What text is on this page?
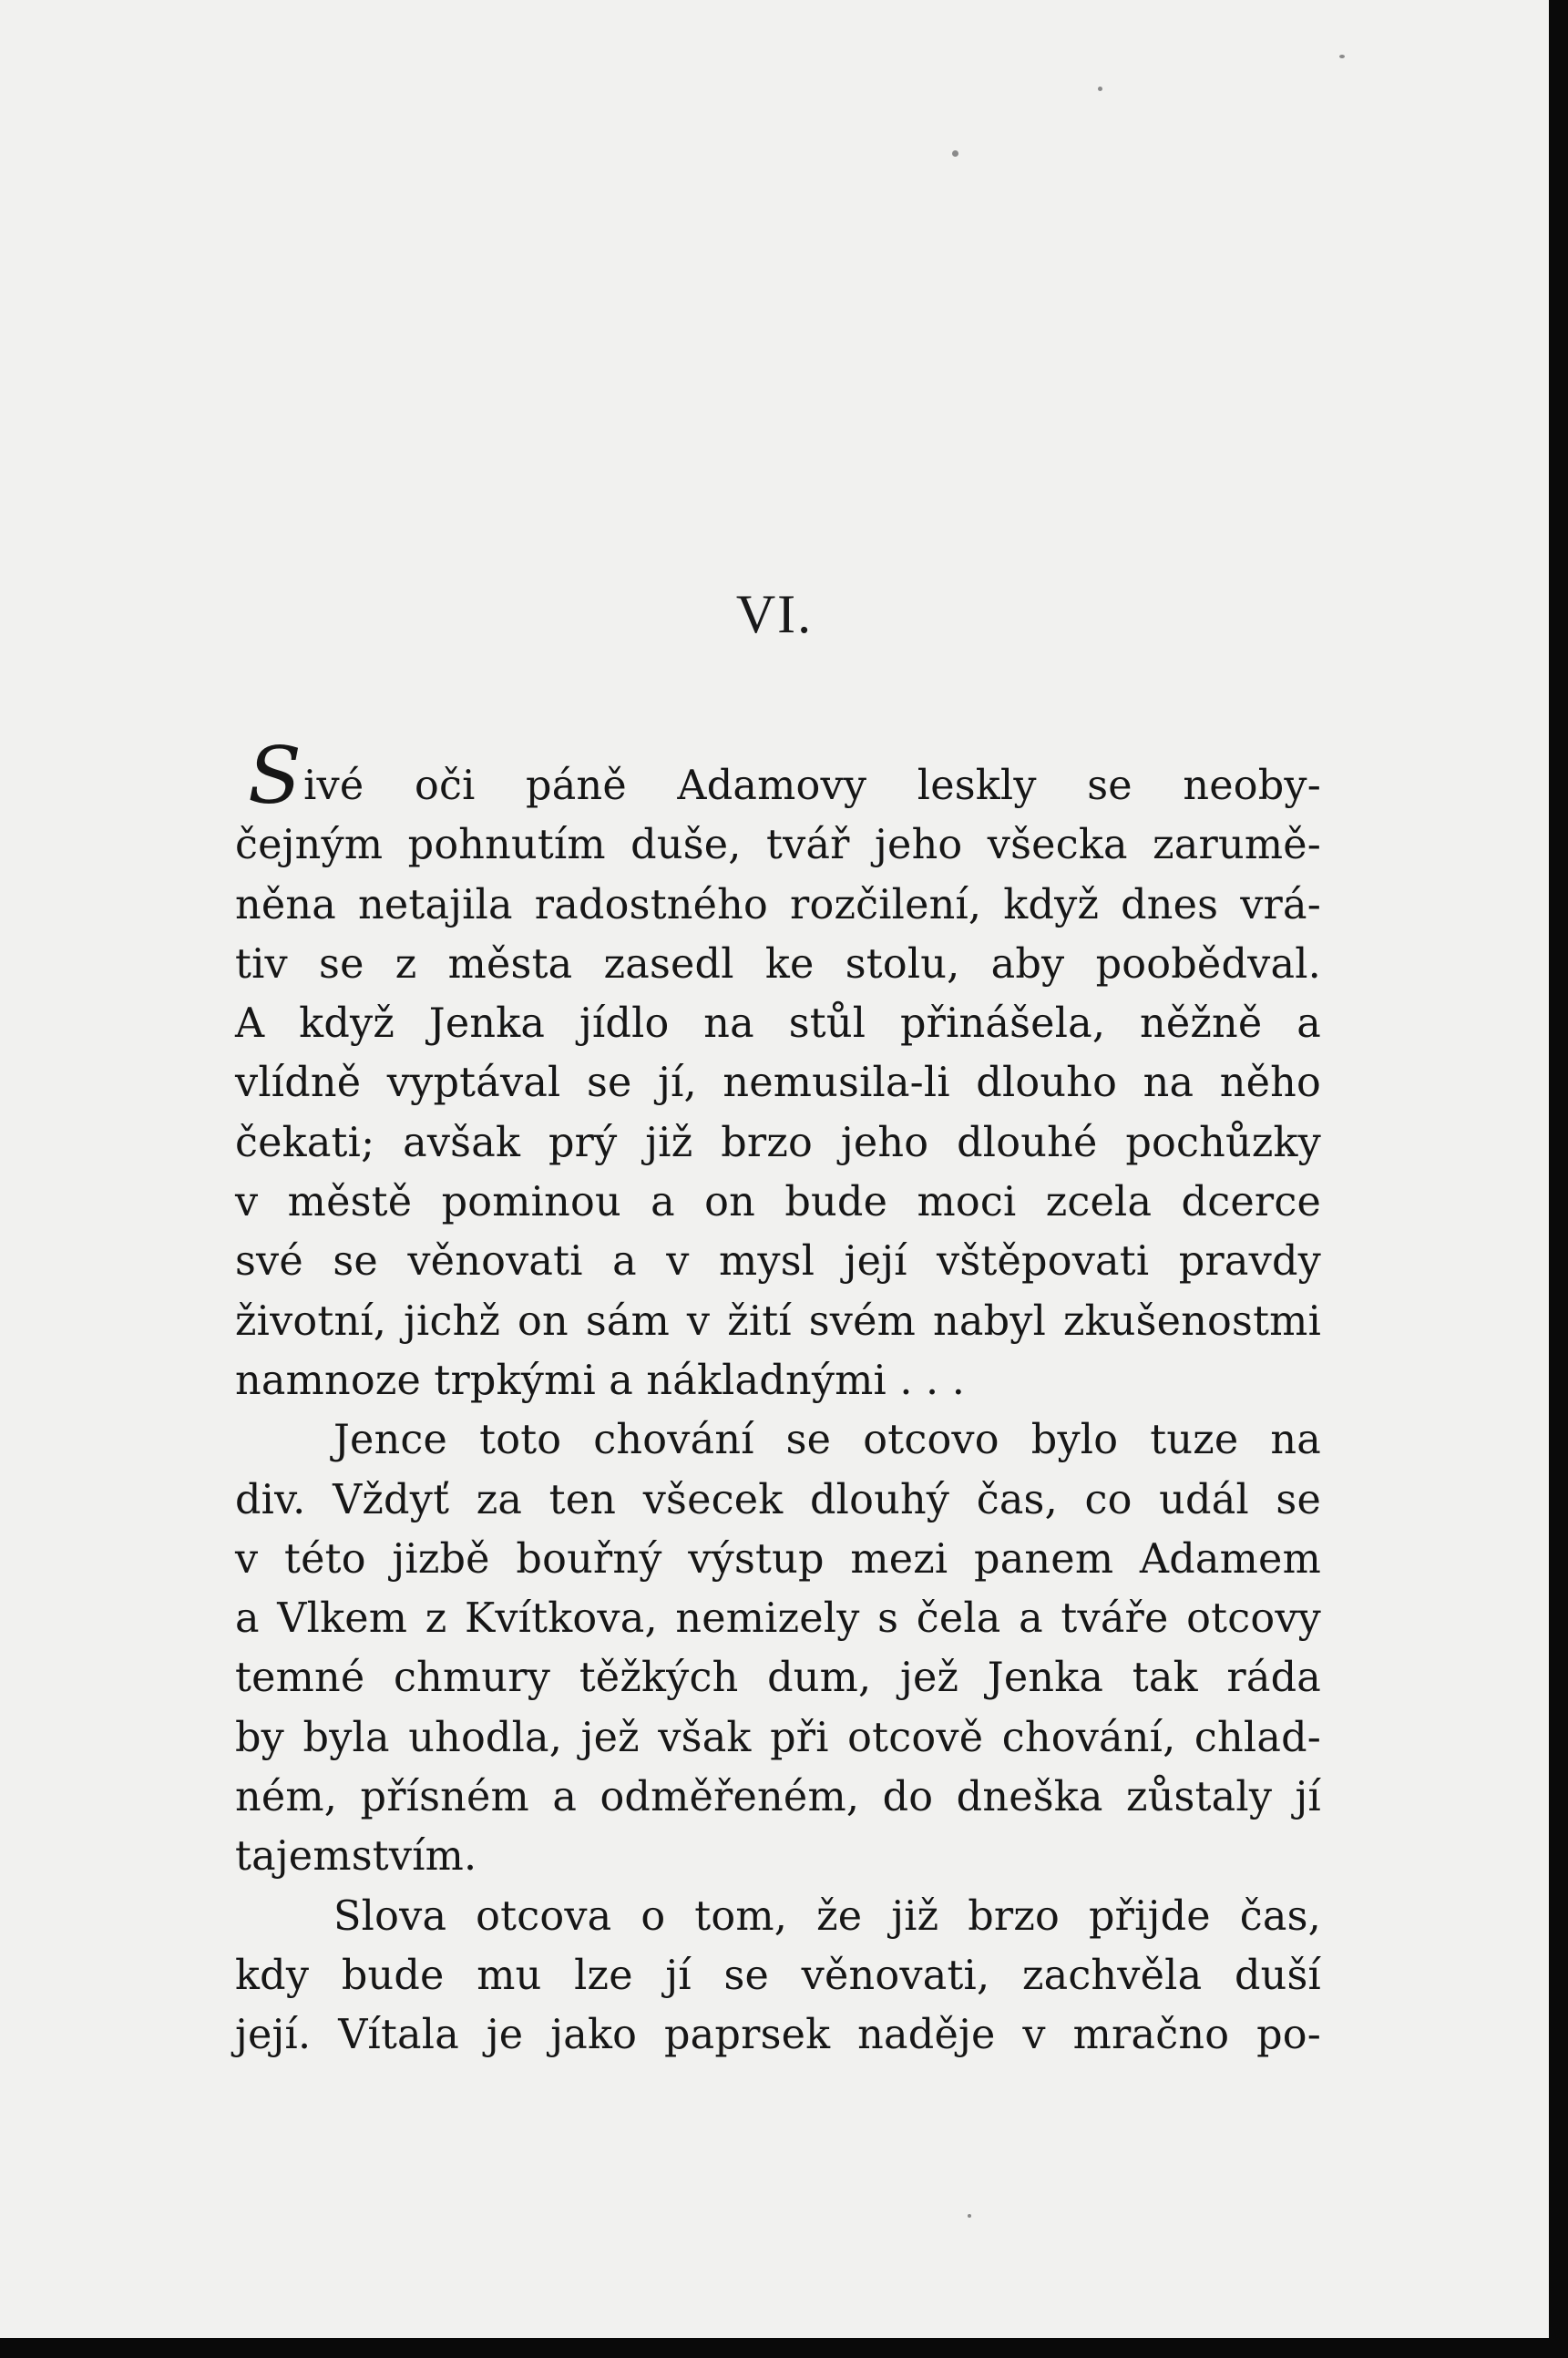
VI.
Sivé oči páně Adamovy leskly se neoby-
čejným pohnutím duše, tvář jeho všecka zarumě-
něna netajila radostného rozčilení, když dnes vrá-
tiv se z města zasedl ke stolu, aby poobědval.
A když Jenka jídlo na stůl přinášela, něžně a
vlídně vyptával se jí, nemusila-li dlouho na něho
čekati; avšak prý již brzo jeho dlouhé pochůzky
v městě pominou a on bude moci zcela dcerce
své se věnovati a v mysl její vštěpovati pravdy
životní, jichž on sám v žití svém nabyl zkušenostmi
namnoze trpkými a nákladnými . . .
Jence toto chování se otcovo bylo tuze na
div. Vždyť za ten všecek dlouhý čas, co udál se
v této jizbě bouřný výstup mezi panem Adamem
a Vlkem z Kvítkova, nemizely s čela a tváře otcovy
temné chmury těžkých dum, jež Jenka tak ráda
by byla uhodla, jež však při otcově chování, chlad-
ném, přísném a odměřeném, do dneška zůstaly jí
tajemstvím.
Slova otcova o tom, že již brzo přijde čas,
kdy bude mu lze jí se věnovati, zachvěla duší
její. Vítala je jako paprsek naděje v mračno po-
